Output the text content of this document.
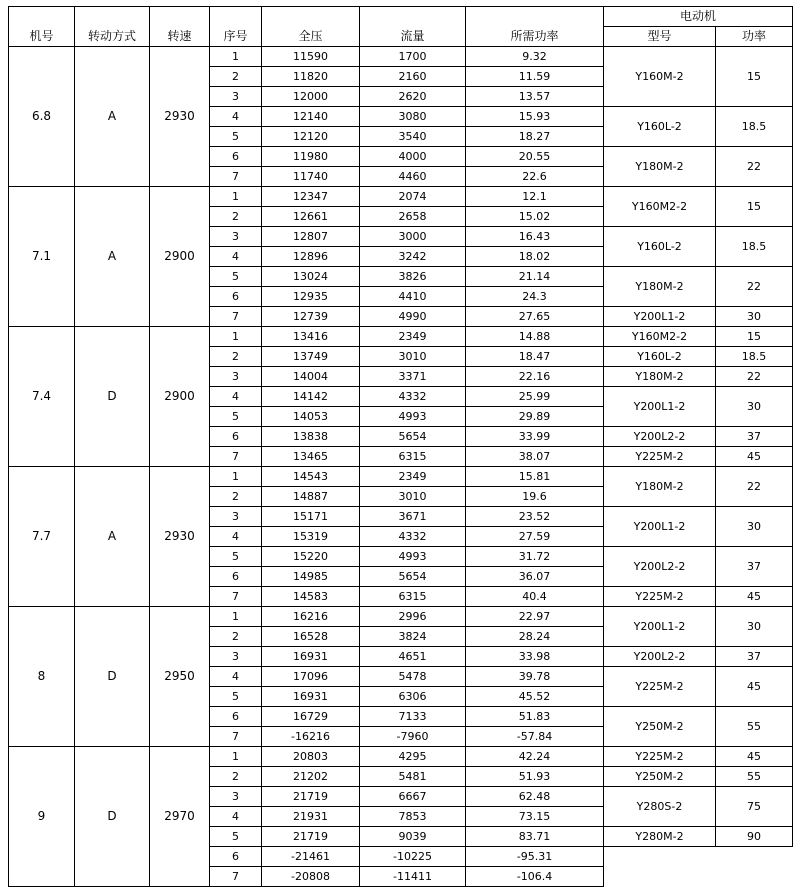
							电动机	
机号	转动方式	转速	序号	全压	流量	所需功率	型号	功率
6.8	A	2930	1	11590	1700	9.32	Y160M-2	15
			2	11820	2160	11.59		
			3	12000	2620	13.57		
			4	12140	3080	15.93	Y160L-2	18.5
			5	12120	3540	18.27		
			6	11980	4000	20.55	Y180M-2	22
			7	11740	4460	22.6		
7.1	A	2900	1	12347	2074	12.1	Y160M2-2	15
			2	12661	2658	15.02		
			3	12807	3000	16.43	Y160L-2	18.5
			4	12896	3242	18.02		
			5	13024	3826	21.14	Y180M-2	22
			6	12935	4410	24.3		
			7	12739	4990	27.65	Y200L1-2	30
7.4	D	2900	1	13416	2349	14.88	Y160M2-2	15
			2	13749	3010	18.47	Y160L-2	18.5
			3	14004	3371	22.16	Y180M-2	22
			4	14142	4332	25.99	Y200L1-2	30
			5	14053	4993	29.89		
			6	13838	5654	33.99	Y200L2-2	37
			7	13465	6315	38.07	Y225M-2	45
7.7	A	2930	1	14543	2349	15.81	Y180M-2	22
			2	14887	3010	19.6		
			3	15171	3671	23.52	Y200L1-2	30
			4	15319	4332	27.59		
			5	15220	4993	31.72	Y200L2-2	37
			6	14985	5654	36.07		
			7	14583	6315	40.4	Y225M-2	45
8	D	2950	1	16216	2996	22.97	Y200L1-2	30
			2	16528	3824	28.24		
			3	16931	4651	33.98	Y200L2-2	37
			4	17096	5478	39.78	Y225M-2	45
			5	16931	6306	45.52		
			6	16729	7133	51.83	Y250M-2	55
			7	-16216	-7960	-57.84		
9	D	2970	1	20803	4295	42.24	Y225M-2	45
			2	21202	5481	51.93	Y250M-2	55
			3	21719	6667	62.48	Y280S-2	75
			4	21931	7853	73.15		
			5	21719	9039	83.71	Y280M-2	90
			6	-21461	-10225	-95.31		
			7	-20808	-11411	-106.4		
